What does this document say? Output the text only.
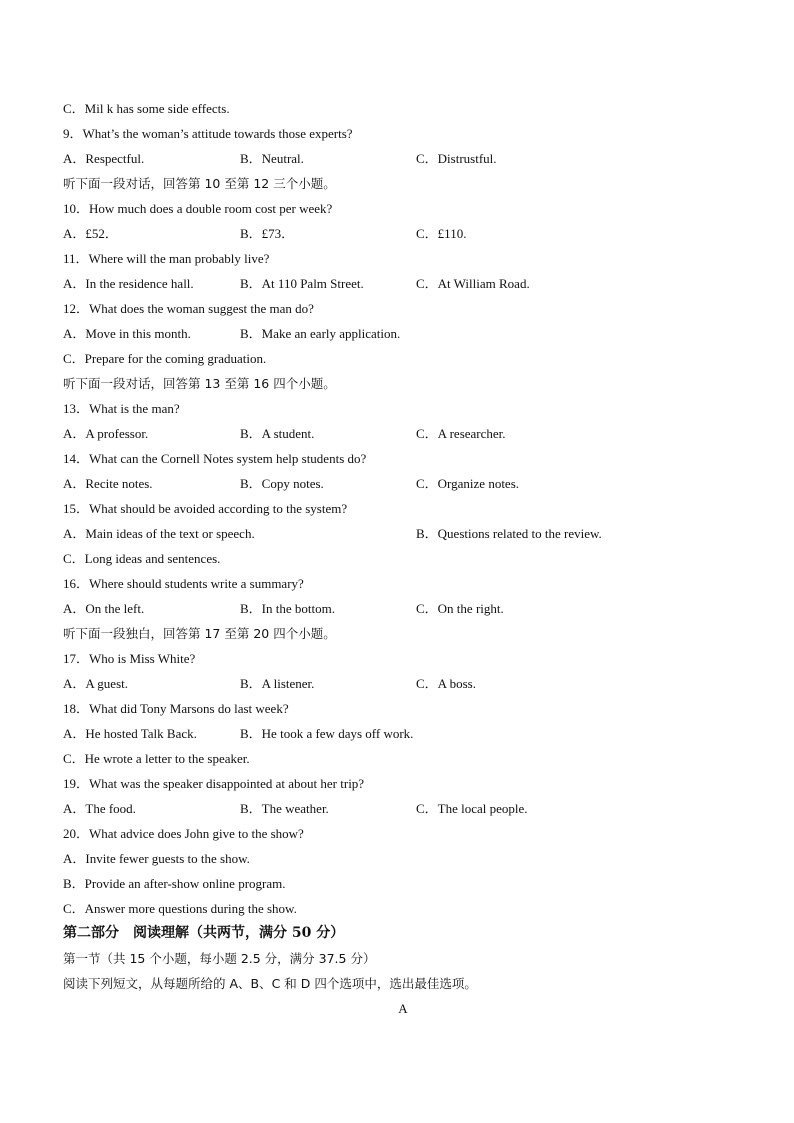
C．Mil k has some side effects.
9．What’s the woman’s attitude towards those experts?
A．Respectful.	B．Neutral.	C．Distrustful.
听下面一段对话，回答第 10 至第 12 三个小题。
10．How much does a double room cost per week?
A．£52．	B．£73．	C．£110.
11．Where will the man probably live?
A．In the residence hall.	B．At 110 Palm Street.	C．At William Road.
12．What does the woman suggest the man do?
A．Move in this month.	B．Make an early application.
C．Prepare for the coming graduation.
听下面一段对话，回答第 13 至第 16 四个小题。
13．What is the man?
A．A professor.	B．A student.	C．A researcher.
14．What can the Cornell Notes system help students do?
A．Recite notes.	B．Copy notes.	C．Organize notes.
15．What should be avoided according to the system?
A．Main ideas of the text or speech.	B．Questions related to the review.
C．Long ideas and sentences.
16．Where should students write a summary?
A．On the left.	B．In the bottom.	C．On the right.
听下面一段独白，回答第 17 至第 20 四个小题。
17．Who is Miss White?
A．A guest.	B．A listener.	C．A boss.
18．What did Tony Marsons do last week?
A．He hosted Talk Back.	B．He took a few days off work.
C．He wrote a letter to the speaker.
19．What was the speaker disappointed at about her trip?
A．The food.	B．The weather.	C．The local people.
20．What advice does John give to the show?
A．Invite fewer guests to the show.
B．Provide an after-show online program.
C．Answer more questions during the show.
第二部分　阅读理解（共两节，满分 50 分）
第一节（共 15 个小题，每小题 2.5 分，满分 37.5 分）
阅读下列短文，从每题所给的 A、B、C 和 D 四个选项中，选出最佳选项。
A
